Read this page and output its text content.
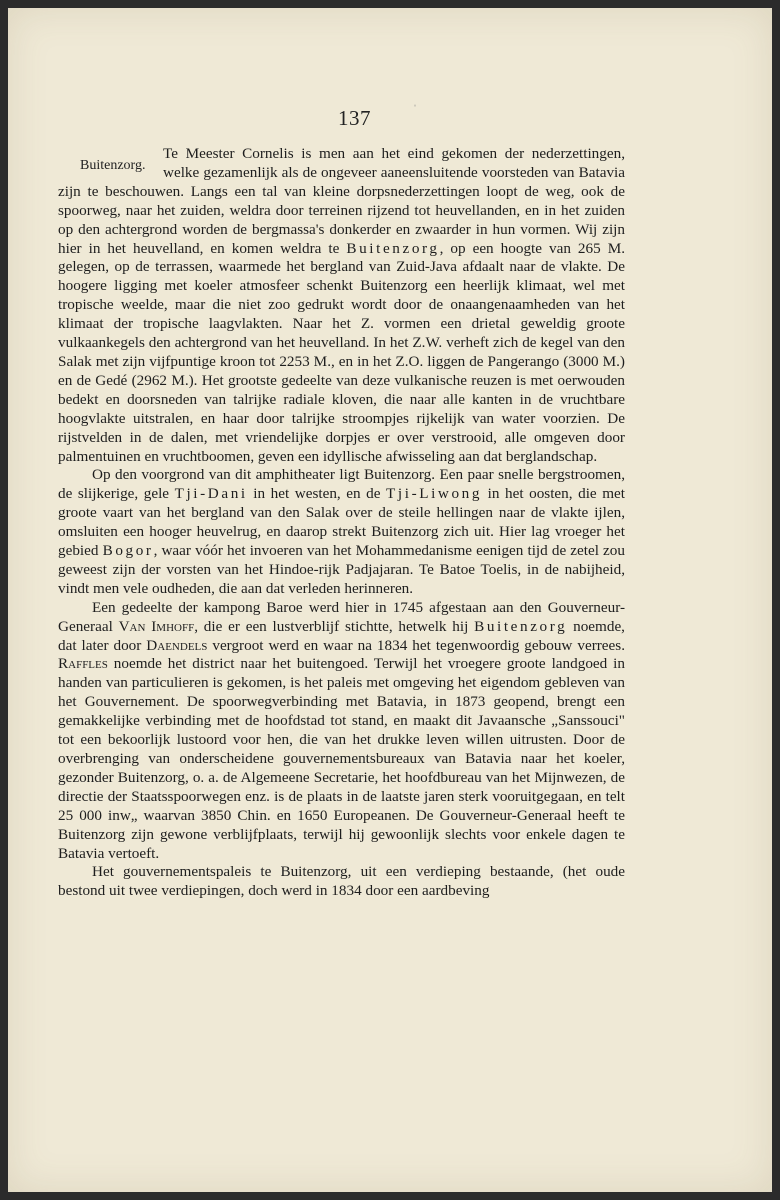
137
Buitenzorg.

Te Meester Cornelis is men aan het eind gekomen der nederzettingen, welke gezamenlijk als de ongeveer aaneensluitende voorsteden van Batavia zijn te beschouwen. Langs een tal van kleine dorpsnederzettingen loopt de weg, ook de spoorweg, naar het zuiden, weldra door terreinen rijzend tot heuvellanden, en in het zuiden op den achtergrond worden de bergmassa's donkerder en zwaarder in hun vormen. Wij zijn hier in het heuvelland, en komen weldra te Buitenzorg, op een hoogte van 265 M. gelegen, op de terrassen, waarmede het bergland van Zuid-Java afdaalt naar de vlakte. De hoogere ligging met koeler atmosfeer schenkt Buitenzorg een heerlijk klimaat, wel met tropische weelde, maar die niet zoo gedrukt wordt door de onaangenaamheden van het klimaat der tropische laagvlakten. Naar het Z. vormen een drietal geweldig groote vulkaankegels den achtergrond van het heuvelland. In het Z.W. verheft zich de kegel van den Salak met zijn vijfpuntige kroon tot 2253 M., en in het Z.O. liggen de Pangerango (3000 M.) en de Gedé (2962 M.). Het grootste gedeelte van deze vulkanische reuzen is met oerwouden bedekt en doorsneden van talrijke radiale kloven, die naar alle kanten in de vruchtbare hoogvlakte uitstralen, en haar door talrijke stroompjes rijkelijk van water voorzien. De rijstvelden in de dalen, met vriendelijke dorpjes er over verstrooid, alle omgeven door palmentuinen en vruchtboomen, geven een idyllische afwisseling aan dat berglandschap.

Op den voorgrond van dit amphitheater ligt Buitenzorg. Een paar snelle bergstroomen, de slijkerige, gele Tji-Dani in het westen, en de Tji-Liwong in het oosten, die met groote vaart van het bergland van den Salak over de steile hellingen naar de vlakte ijlen, omsluiten een hooger heuvelrug, en daarop strekt Buitenzorg zich uit. Hier lag vroeger het gebied Bogor, waar vóór het invoeren van het Mohammedanisme eenigen tijd de zetel zou geweest zijn der vorsten van het Hindoe-rijk Padjajaran. Te Batoe Toelis, in de nabijheid, vindt men vele oudheden, die aan dat verleden herinneren.

Een gedeelte der kampong Baroe werd hier in 1745 afgestaan aan den Gouverneur-Generaal Van Imhoff, die er een lustverblijf stichtte, hetwelk hij Buitenzorg noemde, dat later door Daendels vergroot werd en waar na 1834 het tegenwoordig gebouw verrees. Raffles noemde het district naar het buitengoed. Terwijl het vroegere groote landgoed in handen van particulieren is gekomen, is het paleis met omgeving het eigendom gebleven van het Gouvernement. De spoorwegverbinding met Batavia, in 1873 geopend, brengt een gemakkelijke verbinding met de hoofdstad tot stand, en maakt dit Javaansche „Sanssouci" tot een bekoorlijk lustoord voor hen, die van het drukke leven willen uitrusten. Door de overbrenging van onderscheidene gouvernementsbureaux van Batavia naar het koeler, gezonder Buitenzorg, o. a. de Algemeene Secretarie, het hoofdbureau van het Mijnwezen, de directie der Staatsspoorwegen enz. is de plaats in de laatste jaren sterk vooruitgegaan, en telt 25 000 inw„ waarvan 3850 Chin. en 1650 Europeanen. De Gouverneur-Generaal heeft te Buitenzorg zijn gewone verblijfplaats, terwijl hij gewoonlijk slechts voor enkele dagen te Batavia vertoeft.

Het gouvernementspaleis te Buitenzorg, uit een verdieping bestaande, (het oude bestond uit twee verdiepingen, doch werd in 1834 door een aardbeving

ˈ
